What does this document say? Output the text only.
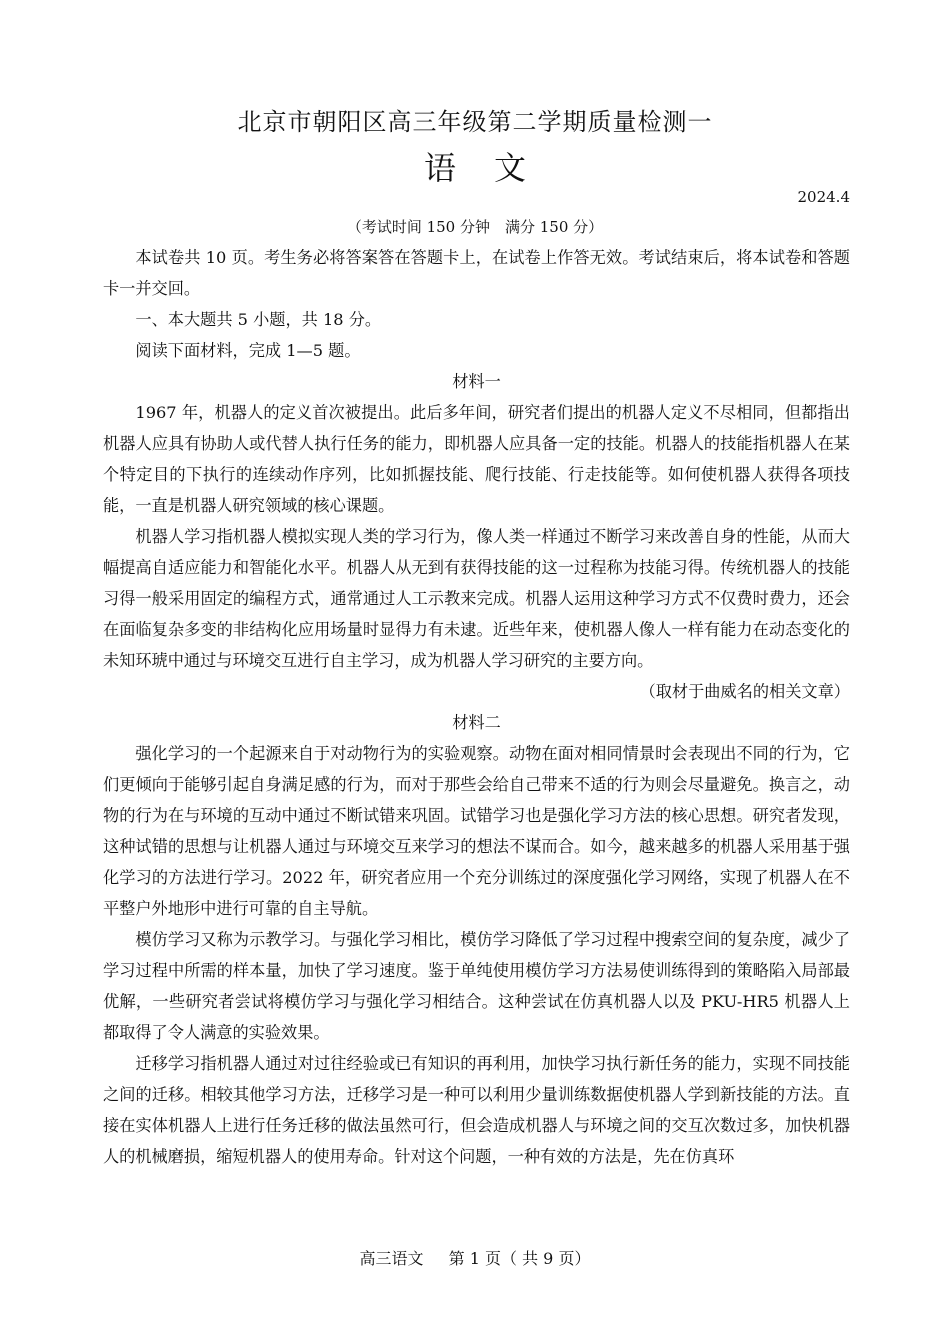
北京市朝阳区高三年级第二学期质量检测一
语文
2024.4
（考试时间 150 分钟　满分 150 分）

本试卷共 10 页。考生务必将答案答在答题卡上，在试卷上作答无效。考试结束后，将本试卷和答题卡一并交回。

一、本大题共 5 小题，共 18 分。

阅读下面材料，完成 1—5 题。

材料一

1967 年，机器人的定义首次被提出。此后多年间，研究者们提出的机器人定义不尽相同，但都指出机器人应具有协助人或代替人执行任务的能力，即机器人应具备一定的技能。机器人的技能指机器人在某个特定目的下执行的连续动作序列，比如抓握技能、爬行技能、行走技能等。如何使机器人获得各项技能，一直是机器人研究领域的核心课题。

机器人学习指机器人模拟实现人类的学习行为，像人类一样通过不断学习来改善自身的性能，从而大幅提高自适应能力和智能化水平。机器人从无到有获得技能的这一过程称为技能习得。传统机器人的技能习得一般采用固定的编程方式，通常通过人工示教来完成。机器人运用这种学习方式不仅费时费力，还会在面临复杂多变的非结构化应用场量时显得力有未逮。近些年来，使机器人像人一样有能力在动态变化的未知环琥中通过与环境交互进行自主学习，成为机器人学习研究的主要方向。

（取材于曲威名的相关文章）

材料二

强化学习的一个起源来自于对动物行为的实验观察。动物在面对相同情景时会表现出不同的行为，它们更倾向于能够引起自身满足感的行为，而对于那些会给自己带来不适的行为则会尽量避免。换言之，动物的行为在与环境的互动中通过不断试错来巩固。试错学习也是强化学习方法的核心思想。研究者发现，这种试错的思想与让机器人通过与环境交互来学习的想法不谋而合。如今，越来越多的机器人采用基于强化学习的方法进行学习。2022 年，研究者应用一个充分训练过的深度强化学习网络，实现了机器人在不平整户外地形中进行可靠的自主导航。

模仿学习又称为示教学习。与强化学习相比，模仿学习降低了学习过程中搜索空间的复杂度，减少了学习过程中所需的样本量，加快了学习速度。鉴于单纯使用模仿学习方法易使训练得到的策略陷入局部最优解，一些研究者尝试将模仿学习与强化学习相结合。这种尝试在仿真机器人以及 PKU-HR5 机器人上都取得了令人满意的实验效果。

迁移学习指机器人通过对过往经验或已有知识的再利用，加快学习执行新任务的能力，实现不同技能之间的迁移。相较其他学习方法，迁移学习是一种可以利用少量训练数据使机器人学到新技能的方法。直接在实体机器人上进行任务迁移的做法虽然可行，但会造成机器人与环境之间的交互次数过多，加快机器人的机械磨损，缩短机器人的使用寿命。针对这个问题，一种有效的方法是，先在仿真环

高三语文 第 1 页（ 共 9 页）
